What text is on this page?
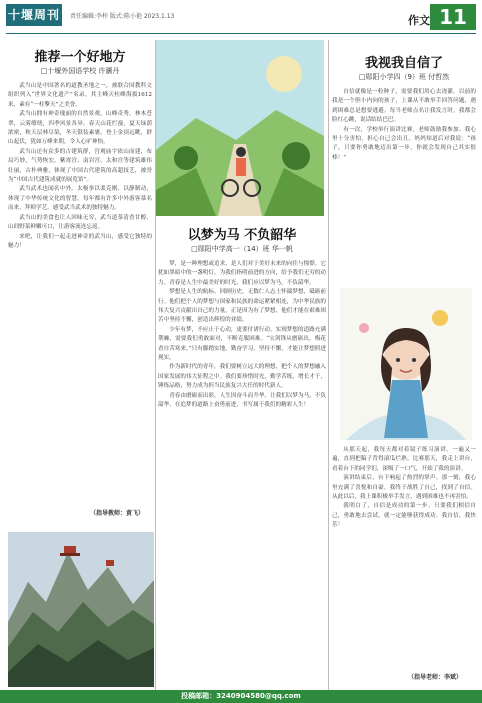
十堰周刊	责任编辑:李梓 版式:陈小艳 2023.1.13	作文 11
推荐一个好地方
□十堰外国语学校 许灏丹

武当山是中国著名的道教圣地之一，被联合国教科文组织列入“世界文化遗产”名录。其主峰天柱峰海拔1612米，素有“一柱擎天”之美誉。

武当山拥有神奇瑰丽的自然景观，山峰奇秀，林木苍翠，云雾缭绕，四季风景各异。春天山花烂漫，夏天绿荫浓密，秋天层林尽染，冬天银装素裹。登上金顶远眺，群山起伏，犹如万峰来朝，令人心旷神怡。

武当山还有众多的古建筑群，宫观庙宇依山而建，布局巧妙，气势恢宏。紫霄宫、南岩宫、太和宫等建筑雄伟壮丽，古朴典雅，体现了中国古代建筑的高超技艺，被誉为“中国古代建筑成就的展览馆”。

武当武术也闻名中外。太极拳以柔克刚、以静制动，体现了中华传统文化的智慧。每年都有许多中外游客慕名而来，拜师学艺，感受武当武术的独特魅力。

武当山的美食也让人回味无穷，武当道茶清香甘醇，山间野菜鲜嫩可口，让游客流连忘返。

来吧，让我们一起走进神奇的武当山，感受它独特的魅力！

（指导教师：黄飞）
以梦为马 不负韶华
□郧阳中学高一（14）班 华一帆

梦，是一种理想或追求，是人们对于美好未来的向往与憧憬。它犹如黑暗中的一盏明灯，为我们指明前进的方向，给予我们无穷的动力。青春是人生中最美好的时光，我们应以梦为马，不负韶华。

梦想是人生的航标。回顾历史，无数仁人志士怀揣梦想，砥砺前行。他们把个人的梦想与国家和民族的命运紧紧相连，为中华民族的伟大复兴贡献出自己的力量。正是因为有了梦想，他们才能在艰难困苦中坚持不懈，创造出辉煌的业绩。

少年有梦，不应止于心动，更要付诸行动。实现梦想的道路充满荆棘，需要我们勇敢面对，不断克服困难。“宝剑锋从磨砺出，梅花香自苦寒来。”只有脚踏实地，勤奋学习，坚持不懈，才能让梦想照进现实。

作为新时代的青年，我们要树立远大的理想，把个人的梦想融入国家发展的伟大征程之中。我们要珍惜时光，勤学苦练，增长才干，锤炼品格，努力成为担当民族复兴大任的时代新人。

青春由磨砺而出彩，人生因奋斗而升华。让我们以梦为马，不负韶华，在追梦的道路上奋勇前进，书写属于我们的精彩人生！

我视我自信了
□郧阳小学四（9）班 付哲然

自信就像是一粒种子，需要我们用心去浇灌。以前的我是一个胆小内向的孩子，上课从不敢举手回答问题，遇到困难总是想要逃避。每当老师点名让我发言时，我都会脸红心跳，说话结结巴巴。

有一次，学校举行演讲比赛，老师鼓励我参加。我心里十分害怕，担心自己会出丑。妈妈知道后对我说：“孩子，只要你勇敢地迈出第一步，你就会发现自己其实很棒！”

从那天起，我每天都对着镜子练习演讲，一遍又一遍，直到把稿子背得滚瓜烂熟。比赛那天，我走上讲台，看着台下的同学们，深吸了一口气，开始了我的演讲。

演讲结束后，台下响起了热烈的掌声。那一刻，我心里充满了喜悦和自豪。我终于战胜了自己，找到了自信。从此以后，我上课积极举手发言，遇到困难也不再害怕。

我明白了，自信是成功的第一步。只要我们相信自己，勇敢地去尝试，就一定能够获得成功。我自信，我快乐！

（指导老师：李斌）
投稿邮箱：3240904580@qq.com
